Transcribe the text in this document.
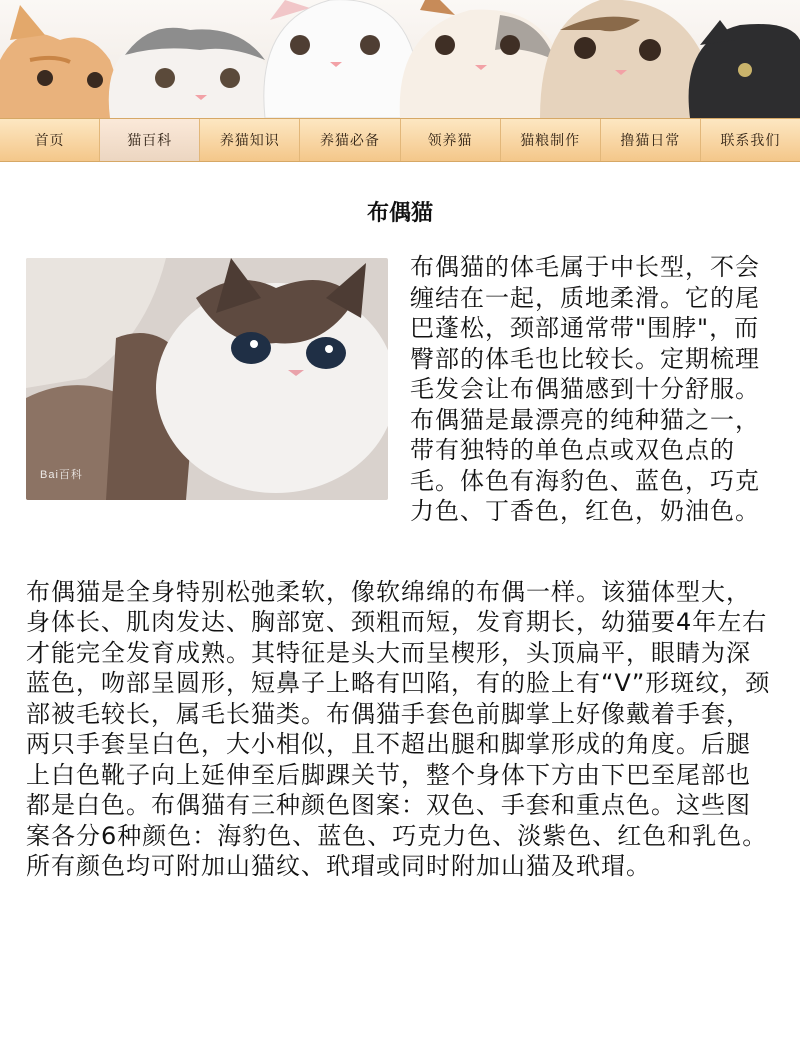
首页	猫百科	养猫知识	养猫必备	领养猫	猫粮制作	撸猫日常	联系我们
布偶猫

Bai百科
布偶猫的体毛属于中长型，不会缠结在一起，质地柔滑。它的尾巴蓬松，颈部通常带"围脖"，而臀部的体毛也比较长。定期梳理毛发会让布偶猫感到十分舒服。布偶猫是最漂亮的纯种猫之一，带有独特的单色点或双色点的毛。体色有海豹色、蓝色，巧克力色、丁香色，红色，奶油色。

布偶猫是全身特别松弛柔软，像软绵绵的布偶一样。该猫体型大，身体长、肌肉发达、胸部宽、颈粗而短，发育期长，幼猫要4年左右才能完全发育成熟。其特征是头大而呈楔形，头顶扁平，眼睛为深蓝色，吻部呈圆形，短鼻子上略有凹陷，有的脸上有“V”形斑纹，颈部被毛较长，属毛长猫类。布偶猫手套色前脚掌上好像戴着手套，两只手套呈白色，大小相似，且不超出腿和脚掌形成的角度。后腿上白色靴子向上延伸至后脚踝关节，整个身体下方由下巴至尾部也都是白色。布偶猫有三种颜色图案：双色、手套和重点色。这些图案各分6种颜色：海豹色、蓝色、巧克力色、淡紫色、红色和乳色。所有颜色均可附加山猫纹、玳瑁或同时附加山猫及玳瑁。
